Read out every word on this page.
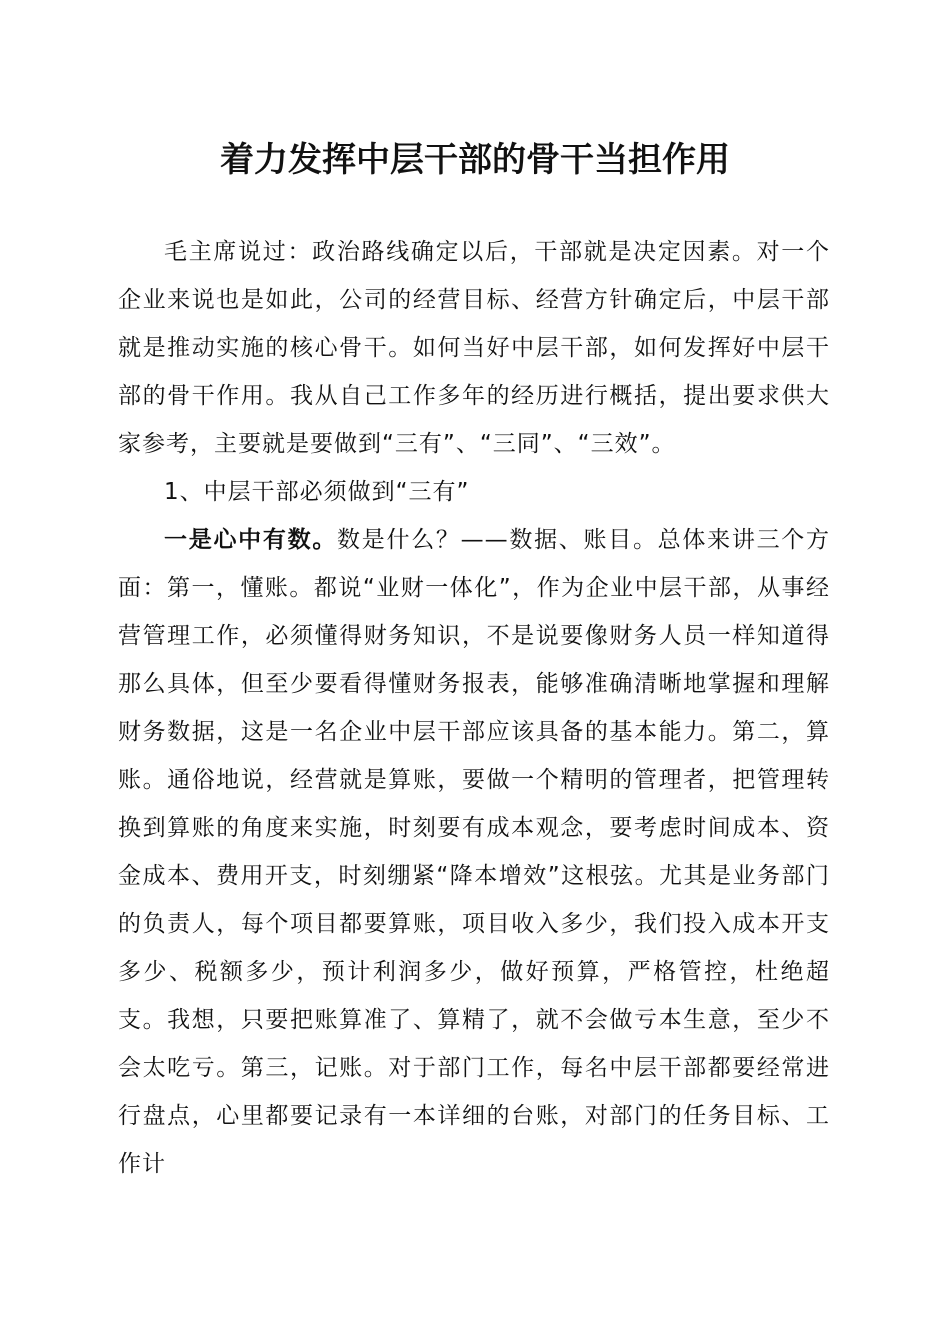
着力发挥中层干部的骨干当担作用

毛主席说过：政治路线确定以后，干部就是决定因素。对一个企业来说也是如此，公司的经营目标、经营方针确定后，中层干部就是推动实施的核心骨干。如何当好中层干部，如何发挥好中层干部的骨干作用。我从自己工作多年的经历进行概括，提出要求供大家参考，主要就是要做到“三有”、“三同”、“三效”。

1、中层干部必须做到“三有”

一是心中有数。数是什么？——数据、账目。总体来讲三个方面：第一，懂账。都说“业财一体化”，作为企业中层干部，从事经营管理工作，必须懂得财务知识，不是说要像财务人员一样知道得那么具体，但至少要看得懂财务报表，能够准确清晰地掌握和理解财务数据，这是一名企业中层干部应该具备的基本能力。第二，算账。通俗地说，经营就是算账，要做一个精明的管理者，把管理转换到算账的角度来实施，时刻要有成本观念，要考虑时间成本、资金成本、费用开支，时刻绷紧“降本增效”这根弦。尤其是业务部门的负责人，每个项目都要算账，项目收入多少，我们投入成本开支多少、税额多少，预计利润多少，做好预算，严格管控，杜绝超支。我想，只要把账算准了、算精了，就不会做亏本生意，至少不会太吃亏。第三，记账。对于部门工作，每名中层干部都要经常进行盘点，心里都要记录有一本详细的台账，对部门的任务目标、工作计
